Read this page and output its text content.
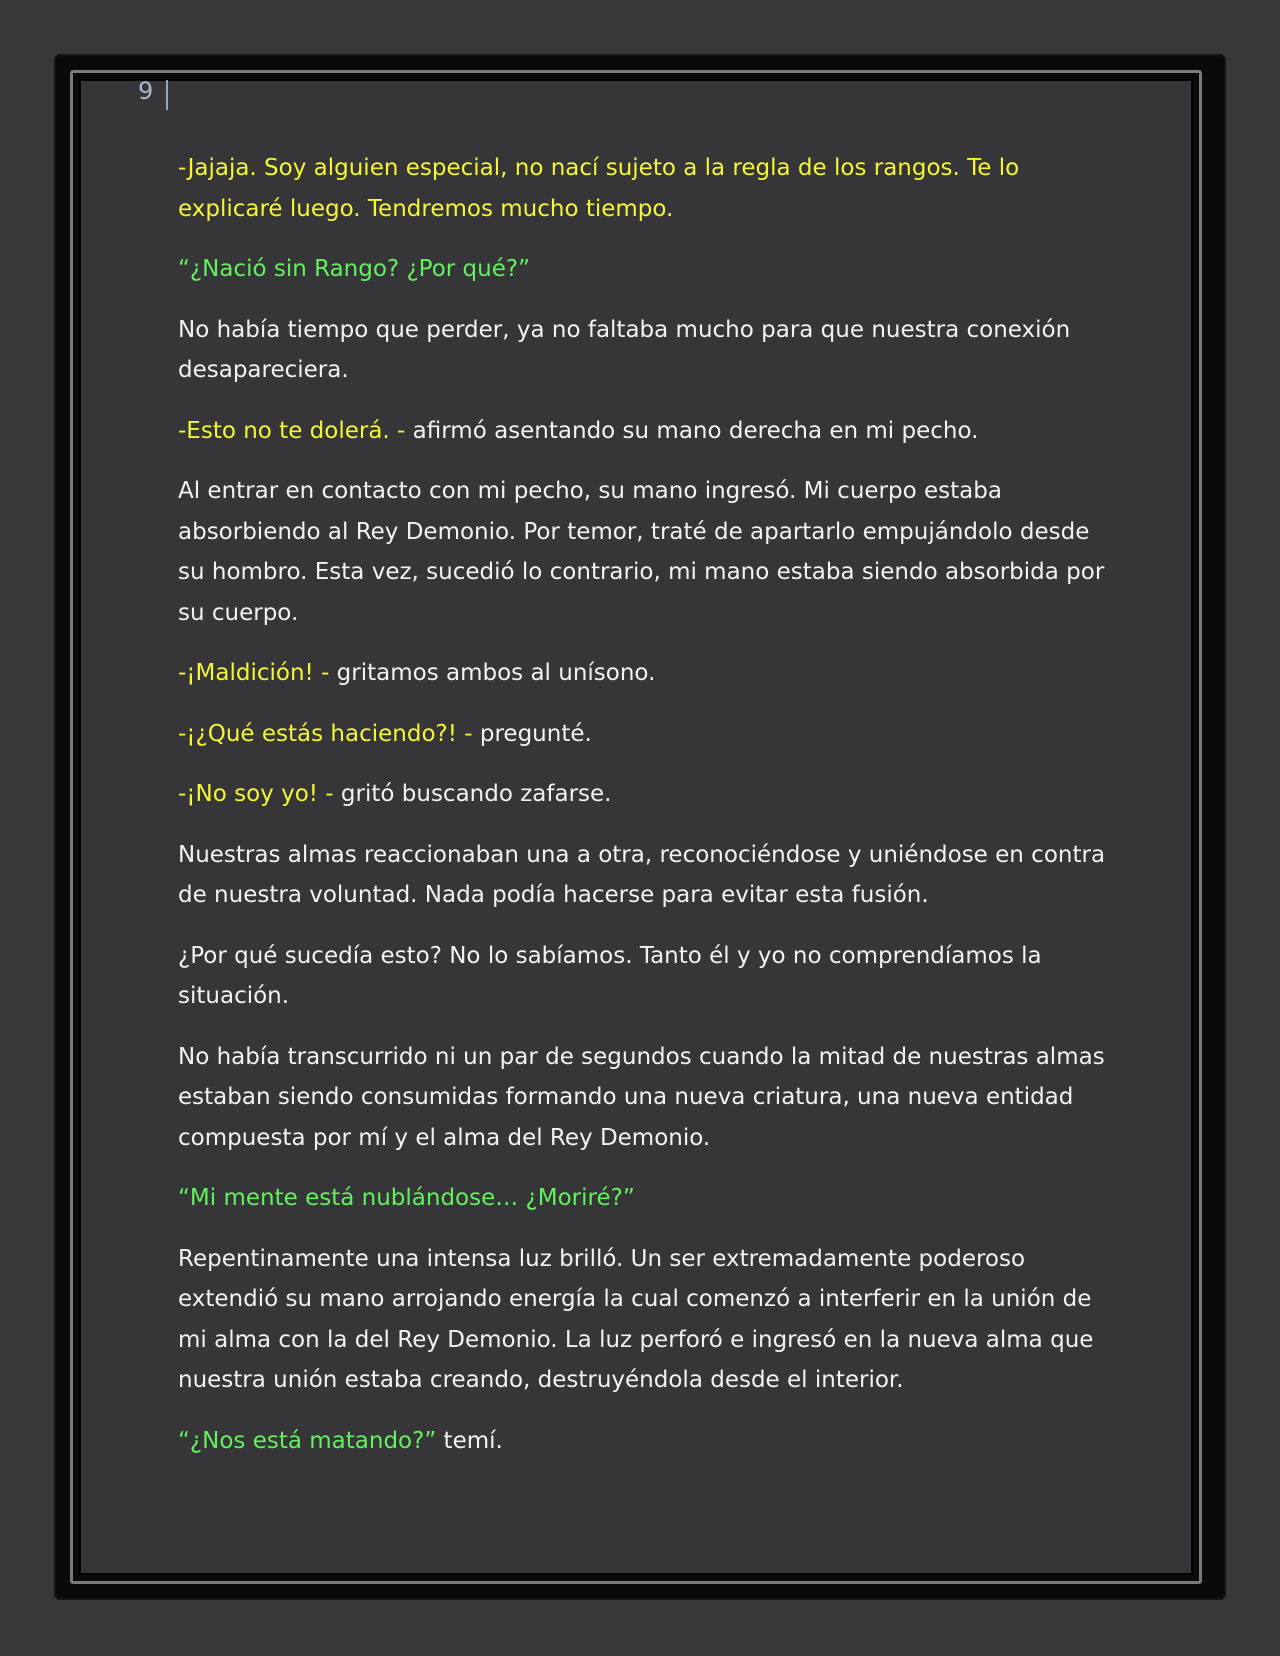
9

-Jajaja. Soy alguien especial, no nací sujeto a la regla de los rangos. Te lo explicaré luego. Tendremos mucho tiempo.

“¿Nació sin Rango? ¿Por qué?”

No había tiempo que perder, ya no faltaba mucho para que nuestra conexión desapareciera.

-Esto no te dolerá. - afirmó asentando su mano derecha en mi pecho.

Al entrar en contacto con mi pecho, su mano ingresó. Mi cuerpo estaba absorbiendo al Rey Demonio. Por temor, traté de apartarlo empujándolo desde su hombro. Esta vez, sucedió lo contrario, mi mano estaba siendo absorbida por su cuerpo.

-¡Maldición! - gritamos ambos al unísono.

-¡¿Qué estás haciendo?! - pregunté.

-¡No soy yo! - gritó buscando zafarse.

Nuestras almas reaccionaban una a otra, reconociéndose y uniéndose en contra de nuestra voluntad. Nada podía hacerse para evitar esta fusión.

¿Por qué sucedía esto? No lo sabíamos. Tanto él y yo no comprendíamos la situación.

No había transcurrido ni un par de segundos cuando la mitad de nuestras almas estaban siendo consumidas formando una nueva criatura, una nueva entidad compuesta por mí y el alma del Rey Demonio.

“Mi mente está nublándose… ¿Moriré?”

Repentinamente una intensa luz brilló. Un ser extremadamente poderoso extendió su mano arrojando energía la cual comenzó a interferir en la unión de mi alma con la del Rey Demonio. La luz perforó e ingresó en la nueva alma que nuestra unión estaba creando, destruyéndola desde el interior.

“¿Nos está matando?” temí.
